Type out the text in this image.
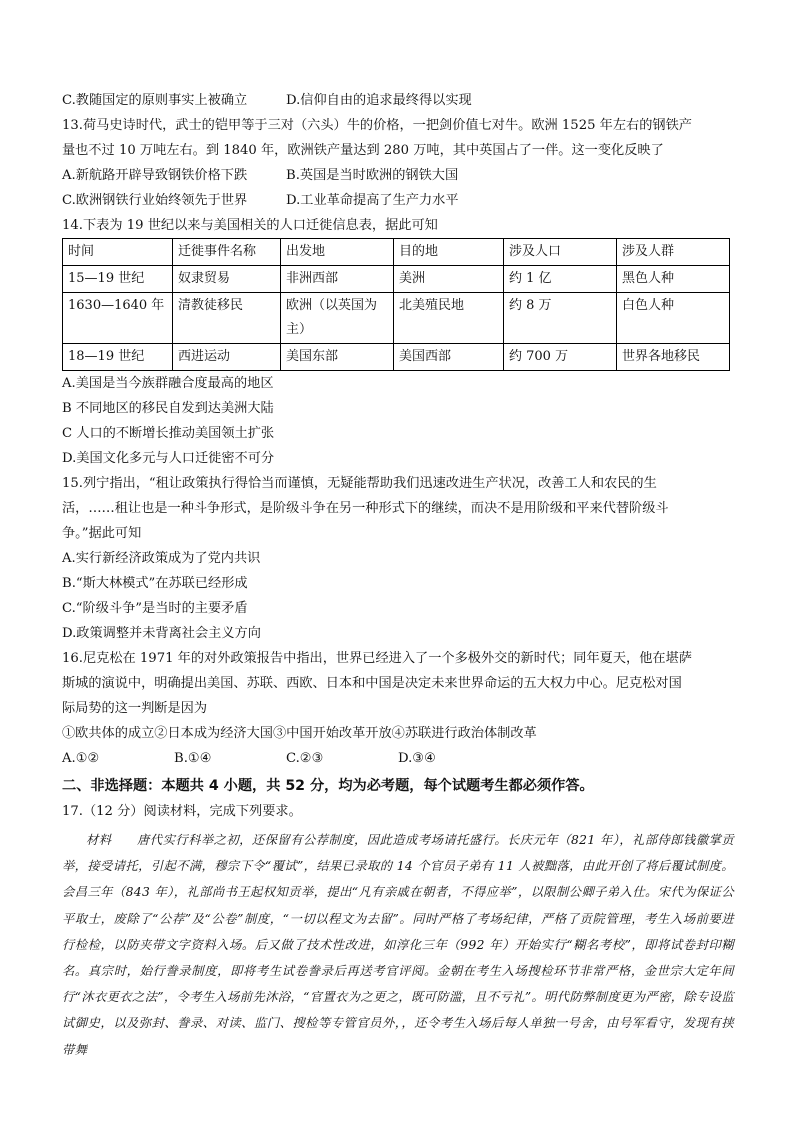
C.教随国定的原则事实上被确立	D.信仰自由的追求最终得以实现
13.荷马史诗时代，武士的铠甲等于三对（六头）牛的价格，一把剑价值七对牛。欧洲 1525 年左右的钢铁产
量也不过 10 万吨左右。到 1840 年，欧洲铁产量达到 280 万吨，其中英国占了一伴。这一变化反映了
A.新航路开辟导致钢铁价格下跌	B.英国是当时欧洲的钢铁大国
C.欧洲钢铁行业始终领先于世界	D.工业革命提高了生产力水平
14.下表为 19 世纪以来与美国相关的人口迁徙信息表，据此可知
时间	迁徙事件名称	出发地	目的地	涉及人口	涉及人群
15—19 世纪	奴隶贸易	非洲西部	美洲	约 1 亿	黑色人种
1630—1640 年	清教徒移民	欧洲（以英国为主）	北美殖民地	约 8 万	白色人种
18—19 世纪	西进运动	美国东部	美国西部	约 700 万	世界各地移民
A.美国是当今族群融合度最高的地区
B 不同地区的移民自发到达美洲大陆
C 人口的不断增长推动美国领土扩张
D.美国文化多元与人口迁徙密不可分
15.列宁指出，“租让政策执行得恰当而谨慎，无疑能帮助我们迅速改进生产状况，改善工人和农民的生
活，……租让也是一种斗争形式，是阶级斗争在另一种形式下的继续，而决不是用阶级和平来代替阶级斗
争。”据此可知
A.实行新经济政策成为了党内共识
B.“斯大林模式”在苏联已经形成
C.“阶级斗争”是当时的主要矛盾
D.政策调整并未背离社会主义方向
16.尼克松在 1971 年的对外政策报告中指出，世界已经进入了一个多极外交的新时代；同年夏天，他在堪萨
斯城的演说中，明确提出美国、苏联、西欧、日本和中国是决定未来世界命运的五大权力中心。尼克松对国
际局势的这一判断是因为
①欧共体的成立②日本成为经济大国③中国开始改革开放④苏联进行政治体制改革
A.①②	B.①④	C.②③	D.③④
二、非选择题：本题共 4 小题，共 52 分，均为必考题，每个试题考生都必须作答。
17.（12 分）阅读材料，完成下列要求。
材料　　唐代实行科举之初，还保留有公荐制度，因此造成考场请托盛行。长庆元年（821 年），礼部侍郎钱徽掌贡举，接受请托，引起不满，穆宗下令“覆试”，结果已录取的 14 个官员子弟有 11 人被黜落，由此开创了将后覆试制度。会昌三年（843 年），礼部尚书王起权知贡举，提出“凡有亲戚在朝者，不得应举”，以限制公卿子弟入仕。宋代为保证公平取士，废除了“公荐”及“公卷”制度，“一切以程文为去留”。同时严格了考场纪律，严格了贡院管理，考生入场前要进行检检，以防夹带文字资料入场。后又做了技术性改进，如淳化三年（992 年）开始实行“糊名考校”，即将试卷封印糊名。真宗时，始行誊录制度，即将考生试卷誊录后再送考官评阅。金朝在考生入场搜检环节非常严格，金世宗大定年间行“沐衣更衣之法”，令考生入场前先沐浴，“官置衣为之更之，既可防滥，且不亏礼”。明代防弊制度更为严密，除专设监试御史，以及弥封、誊录、对读、监门、搜检等专管官员外，，还令考生入场后每人单独一号舍，由号军看守，发现有挟带舞
